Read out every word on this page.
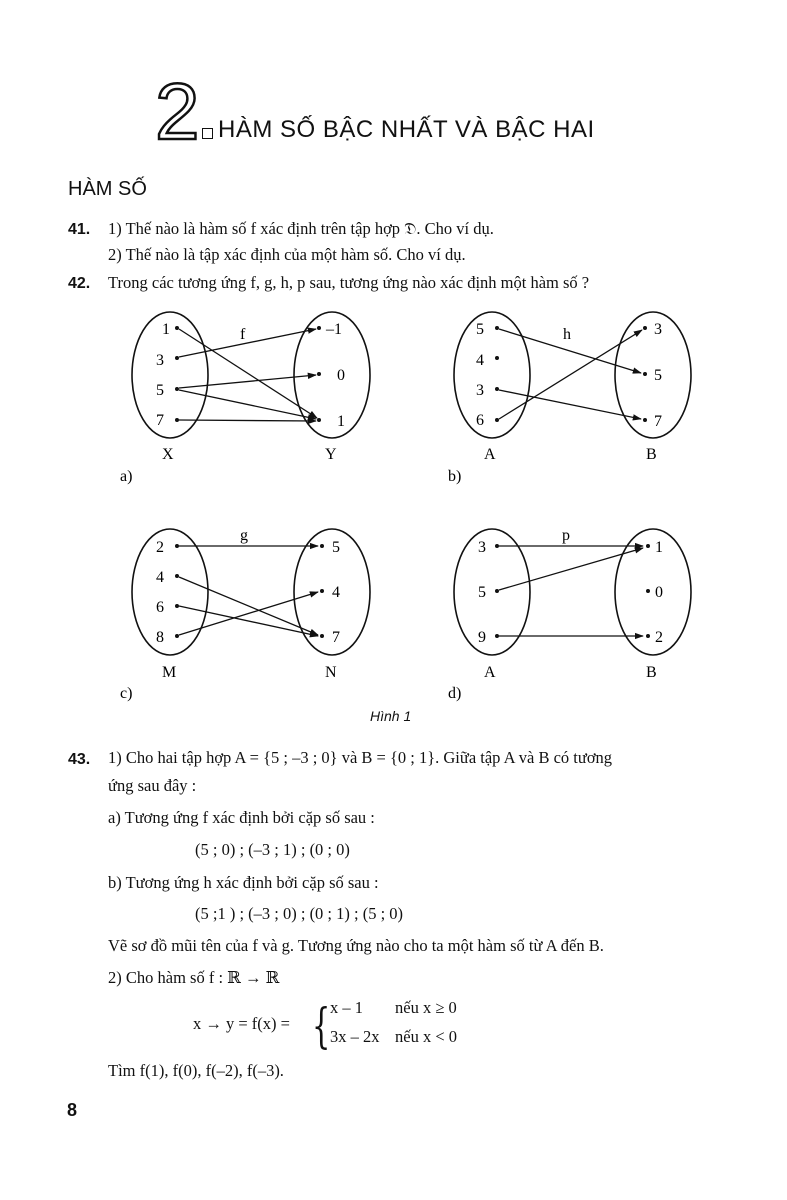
2 HÀM SỐ BẬC NHẤT VÀ BẬC HAI
HÀM SỐ
41. 1) Thế nào là hàm số f xác định trên tập hợp 𝔇. Cho ví dụ.
2) Thế nào là tập xác định của một hàm số. Cho ví dụ.
42. Trong các tương ứng f, g, h, p sau, tương ứng nào xác định một hàm số ?
1
3
5
7
–1
0
1
f
X	Y
a)
5
4
3
6
3
5
7
h
A	B
b)
2
4
6
8
5
4
7
g
M	N
c)
3
5
9
1
0
2
p
A	B
d)
Hình 1
43. 1) Cho hai tập hợp A = {5 ; –3 ; 0} và B = {0 ; 1}. Giữa tập A và B có tương
ứng sau đây :
a) Tương ứng f xác định bởi cặp số sau :
(5 ; 0) ; (–3 ; 1) ; (0 ; 0)
b) Tương ứng h xác định bởi cặp số sau :
(5 ;1 ) ; (–3 ; 0) ; (0 ; 1) ; (5 ; 0)
Vẽ sơ đồ mũi tên của f và g. Tương ứng nào cho ta một hàm số từ A đến B.
2) Cho hàm số f : ℝ → ℝ
x → y = f(x) = { x – 1 nếu x ≥ 0
3x – 2x nếu x < 0
Tìm f(1), f(0), f(–2), f(–3).
8
